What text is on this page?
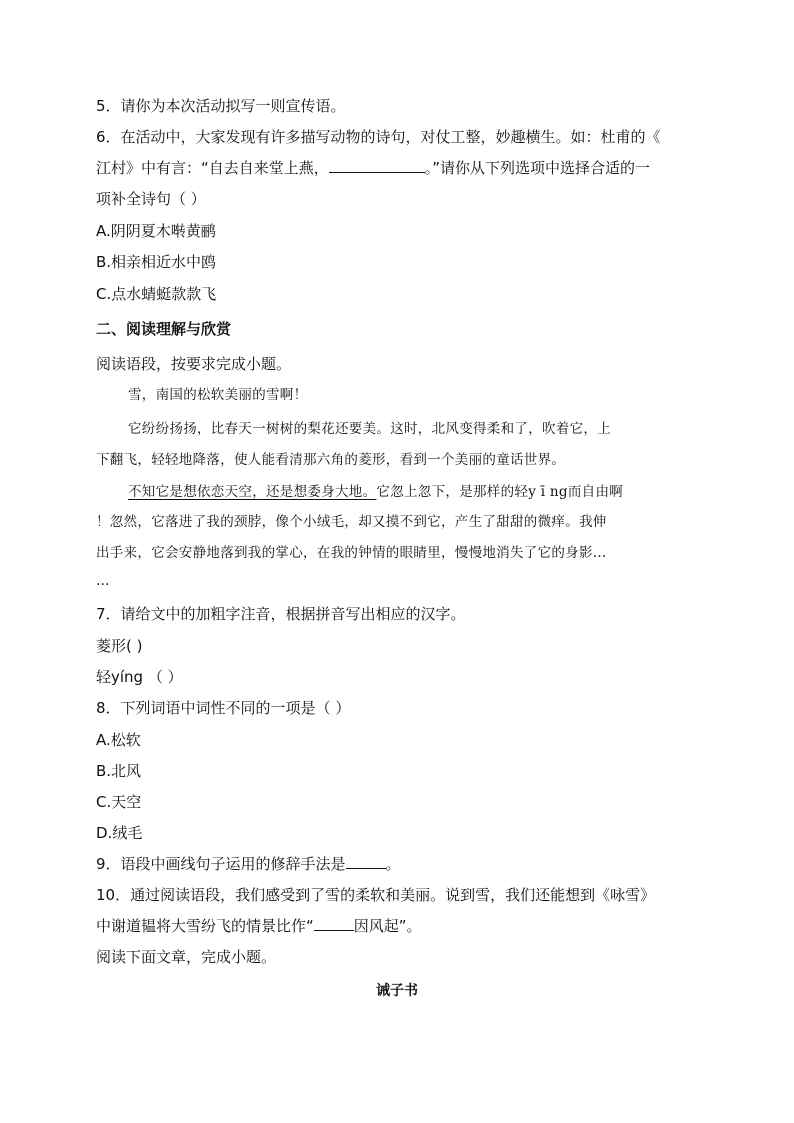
5．请你为本次活动拟写一则宣传语。
6．在活动中，大家发现有许多描写动物的诗句，对仗工整，妙趣横生。如：杜甫的《
江村》中有言：“自去自来堂上燕，	。”请你从下列选项中选择合适的一
项补全诗句（ ）
A.阴阴夏木啭黄鹂
B.相亲相近水中鸥
C.点水蜻蜓款款飞
二、阅读理解与欣赏
阅读语段，按要求完成小题。
雪，南国的松软美丽的雪啊！
它纷纷扬扬，比春天一树树的梨花还要美。这时，北风变得柔和了，吹着它，上
下翻飞，轻轻地降落，使人能看清那六角的菱形，看到一个美丽的童话世界。
不知它是想依恋天空，还是想委身大地。它忽上忽下，是那样的轻y ī ng而自由啊
！忽然，它落进了我的颈脖，像个小绒毛，却又摸不到它，产生了甜甜的微痒。我伸
出手来，它会安静地落到我的掌心，在我的钟情的眼睛里，慢慢地消失了它的身影…
…
7．请给文中的加粗字注音，根据拼音写出相应的汉字。
菱形( )
轻yíng （ ）
8．下列词语中词性不同的一项是（ ）
A.松软
B.北风
C.天空
D.绒毛
9．语段中画线句子运用的修辞手法是	。
10．通过阅读语段，我们感受到了雪的柔软和美丽。说到雪，我们还能想到《咏雪》
中谢道韫将大雪纷飞的情景比作“	因风起”。
阅读下面文章，完成小题。
诫子书
